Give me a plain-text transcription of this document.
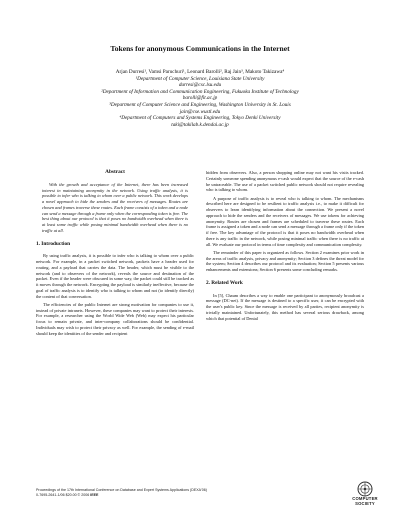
Tokens for anonymous Communications in the Internet
Arjan Durresi¹, Vamsi Paruchuri¹, Leonard Barolli², Raj Jain³, Makoto Takizawa⁴
¹Department of Computer Science, Louisiana State University
durresi@csc.lsu.edu
²Department of Information and Communication Engineering, Fukuoka Institute of Technology
barolli@fit.ac.jp
³Department of Computer Science and Engineering, Washington University in St. Louis
jain@cse.wustl.edu
⁴Department of Computers and Systems Engineering, Tokyo Denki University
taki@takilab.k.dendai.ac.jp
Abstract

With the growth and acceptance of the Internet, there has been increased interest in maintaining anonymity in the network. Using traffic analysis, it is possible to infer who is talking to whom over a public network. This work develops a novel approach to hide the senders and the receivers of messages. Routes are chosen and frames traverse these routes. Each frame consists of a token and a node can send a message through a frame only when the corresponding token is free. The best thing about our protocol is that it poses no bandwidth overhead when there is at least some traffic while posing minimal bandwidth overhead when there is no traffic at all.

1. Introduction

By using traffic analysis, it is possible to infer who is talking to whom over a public network. For example, in a packet switched network, packets have a header used for routing, and a payload that carries the data. The header, which must be visible to the network (and to observers of the network), reveals the source and destination of the packet. Even if the header were obscured in some way, the packet could still be tracked as it moves through the network. Encrypting the payload is similarly ineffective, because the goal of traffic analysis is to identify who is talking to whom and not (to identify directly) the content of that conversation.

The efficiencies of the public Internet are strong motivation for companies to use it, instead of private intranets. However, these companies may want to protect their interests. For example, a researcher using the World Wide Web (Web) may expect his particular focus to remain private, and inter-company collaborations should be confidential. Individuals may wish to protect their privacy as well. For example, the sending of e-mail should keep the identities of the sender and recipient

hidden from observers. Also, a person shopping online may not want his visits tracked. Certainly someone spending anonymous e-cash would expect that the source of the e-cash be untraceable. The use of a packet switched public network should not require revealing who is talking to whom.

A purpose of traffic analysis is to reveal who is talking to whom. The mechanisms described here are designed to be resilient to traffic analysis i.e., to make it difficult for observers to learn identifying information about the connection. We present a novel approach to hide the senders and the receivers of messages. We use tokens for achieving anonymity. Routes are chosen and frames are scheduled to traverse these routes. Each frame is assigned a token and a node can send a message through a frame only if the token if free. The key advantage of the protocol is that it poses no bandwidth overhead when there is any traffic in the network, while posing minimal traffic when there is no traffic at all. We evaluate our protocol in terms of time complexity and communication complexity.

The remainder of this paper is organized as follows. Section 2 examines prior work in the areas of traffic analysis, privacy and anonymity; Section 3 defines the threat model for the system; Section 4 describes our protocol and its evaluation; Section 5 presents various enhancements and extensions; Section 6 presents some concluding remarks.

2. Related Work

In [5], Chaum describes a way to enable one participant to anonymously broadcast a message (DC-net). If the message is destined to a specific user, it can be encrypted with the user's public key. Since the message is received by all parties, recipient anonymity is trivially maintained. Unfortunately, this method has several serious drawback, among which that potential of Denial

Proceedings of the 17th International Conference on Database and Expert Systems Applications (DEXA'06)
0-7695-2641-1/06 $20.00 © 2006 IEEE
COMPUTER
SOCIETY
